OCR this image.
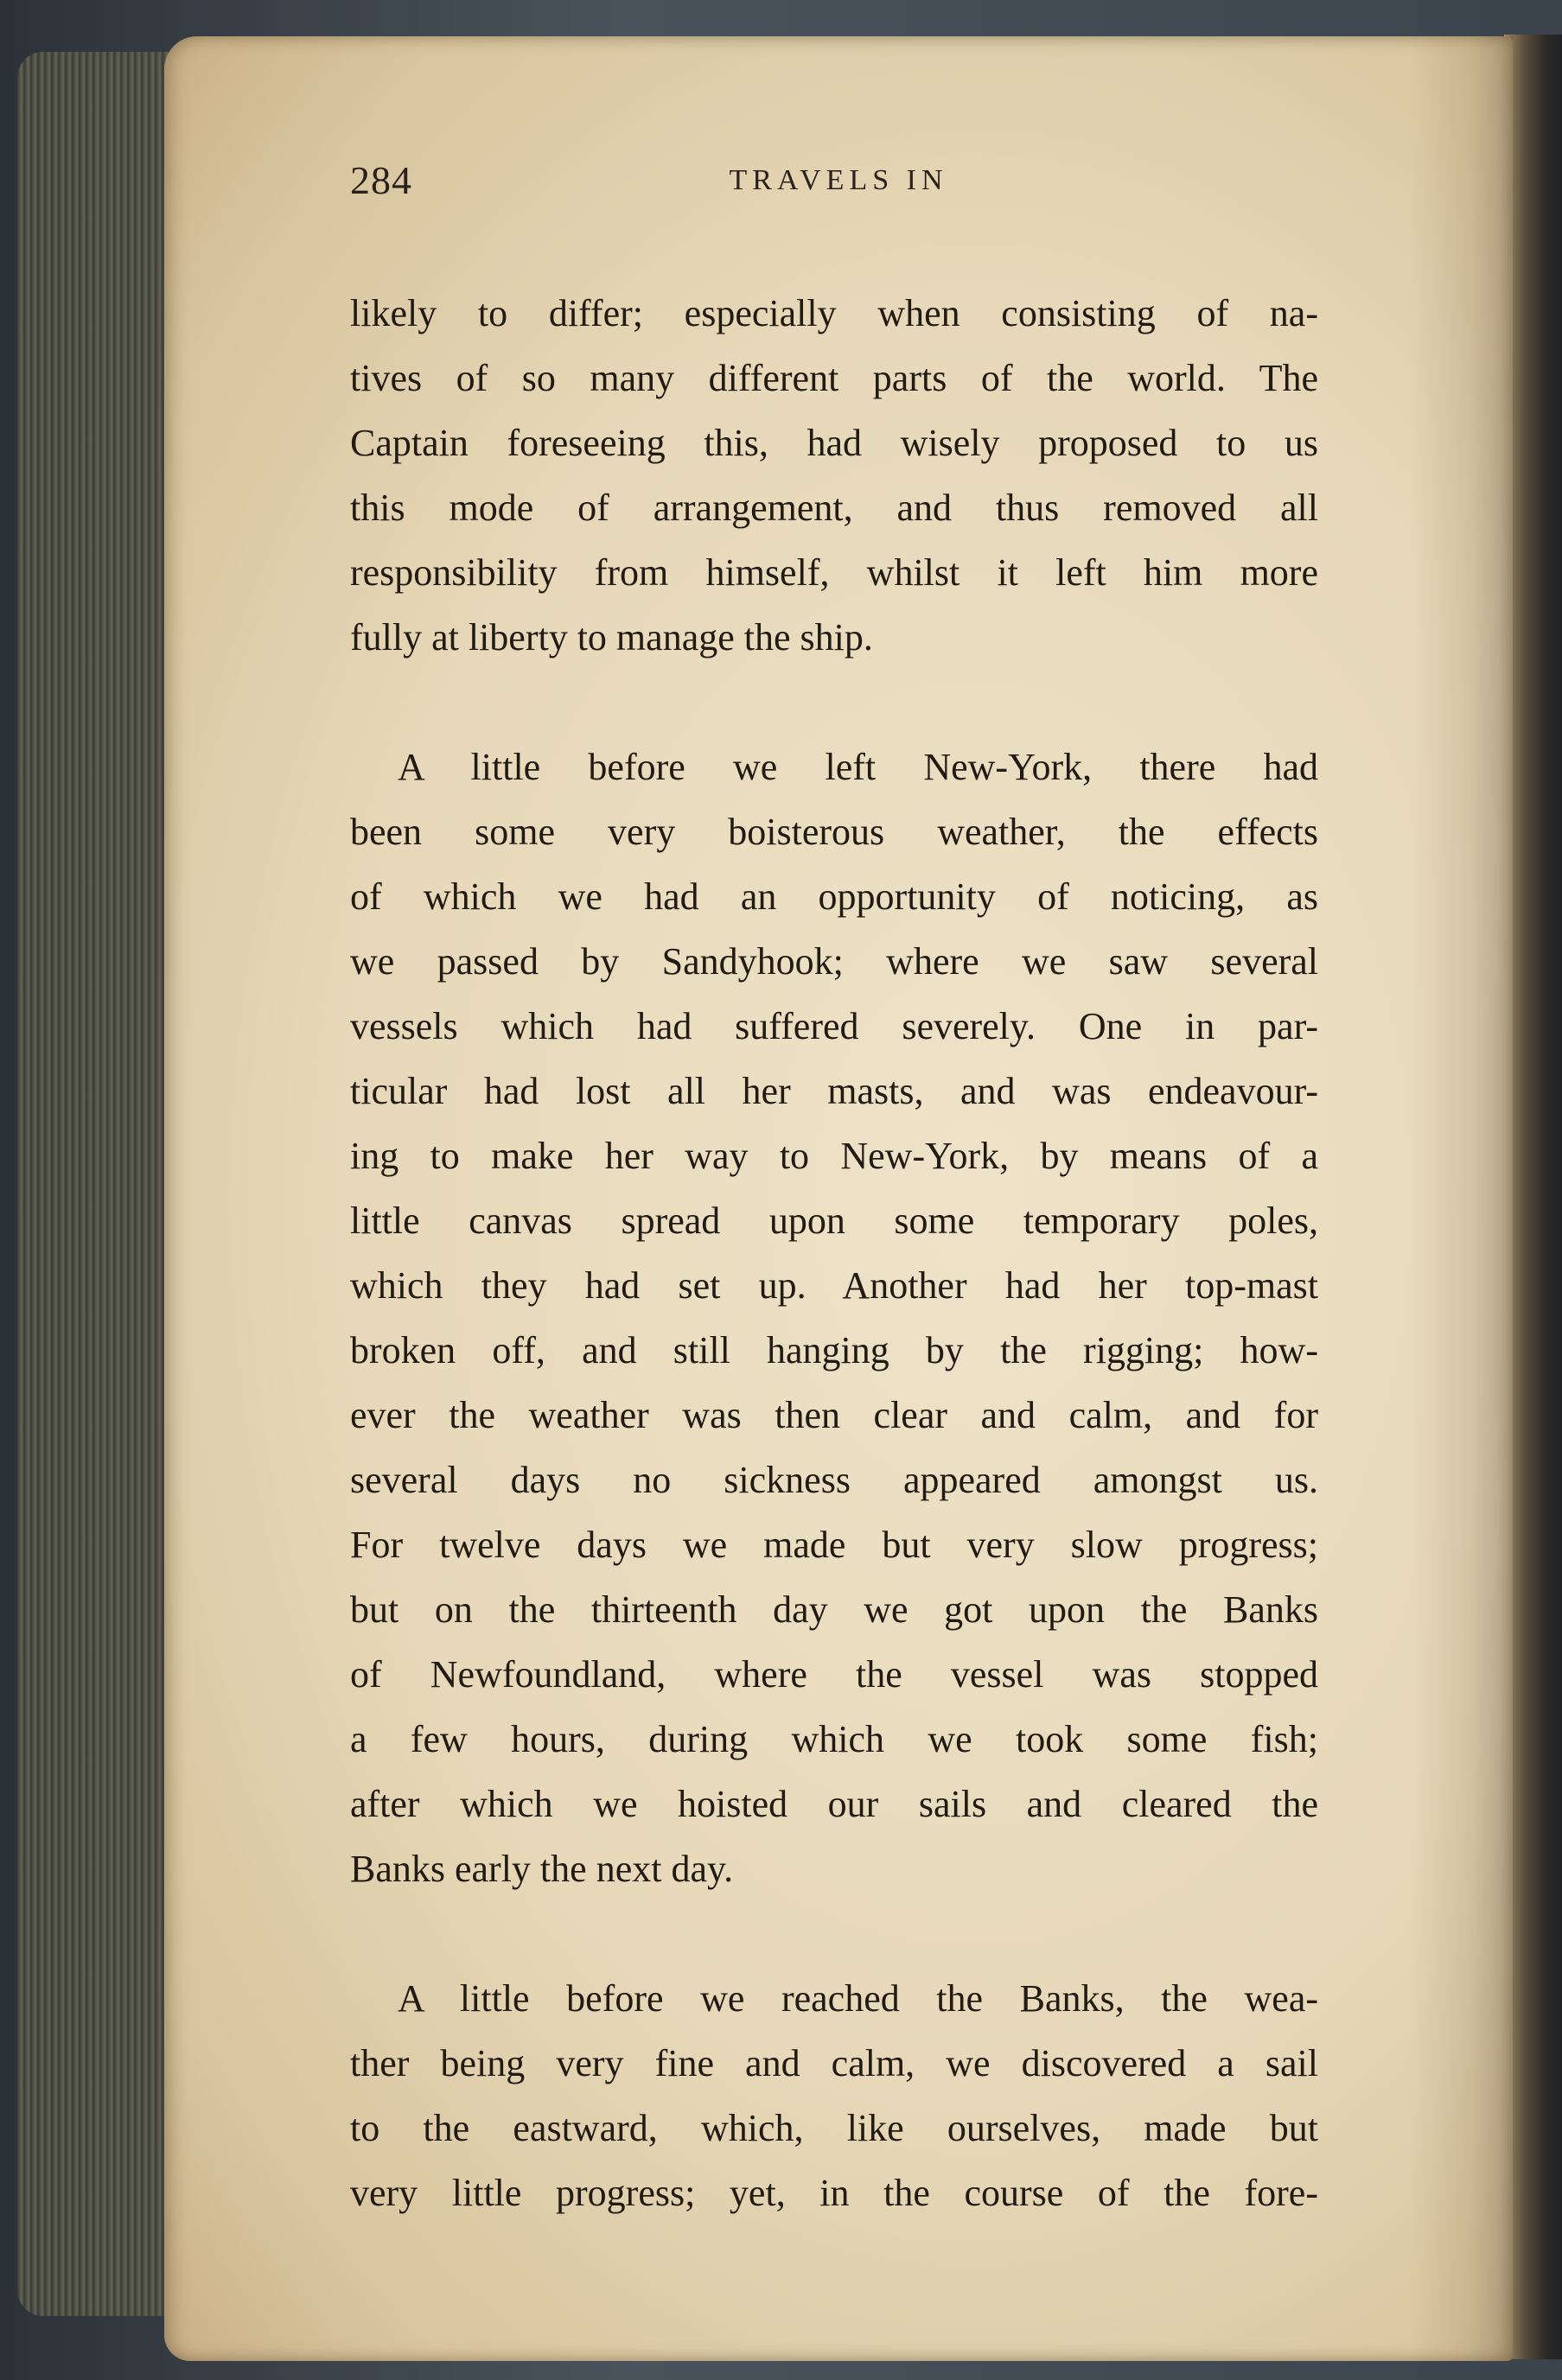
284	TRAVELS IN
likely to differ; especially when consisting of na-
tives of so many different parts of the world. The
Captain foreseeing this, had wisely proposed to us
this mode of arrangement, and thus removed all
responsibility from himself, whilst it left him more
fully at liberty to manage the ship.
A little before we left New-York, there had
been some very boisterous weather, the effects
of which we had an opportunity of noticing, as
we passed by Sandyhook; where we saw several
vessels which had suffered severely. One in par-
ticular had lost all her masts, and was endeavour-
ing to make her way to New-York, by means of a
little canvas spread upon some temporary poles,
which they had set up. Another had her top-mast
broken off, and still hanging by the rigging; how-
ever the weather was then clear and calm, and for
several days no sickness appeared amongst us.
For twelve days we made but very slow progress;
but on the thirteenth day we got upon the Banks
of Newfoundland, where the vessel was stopped
a few hours, during which we took some fish;
after which we hoisted our sails and cleared the
Banks early the next day.
A little before we reached the Banks, the wea-
ther being very fine and calm, we discovered a sail
to the eastward, which, like ourselves, made but
very little progress; yet, in the course of the fore-
